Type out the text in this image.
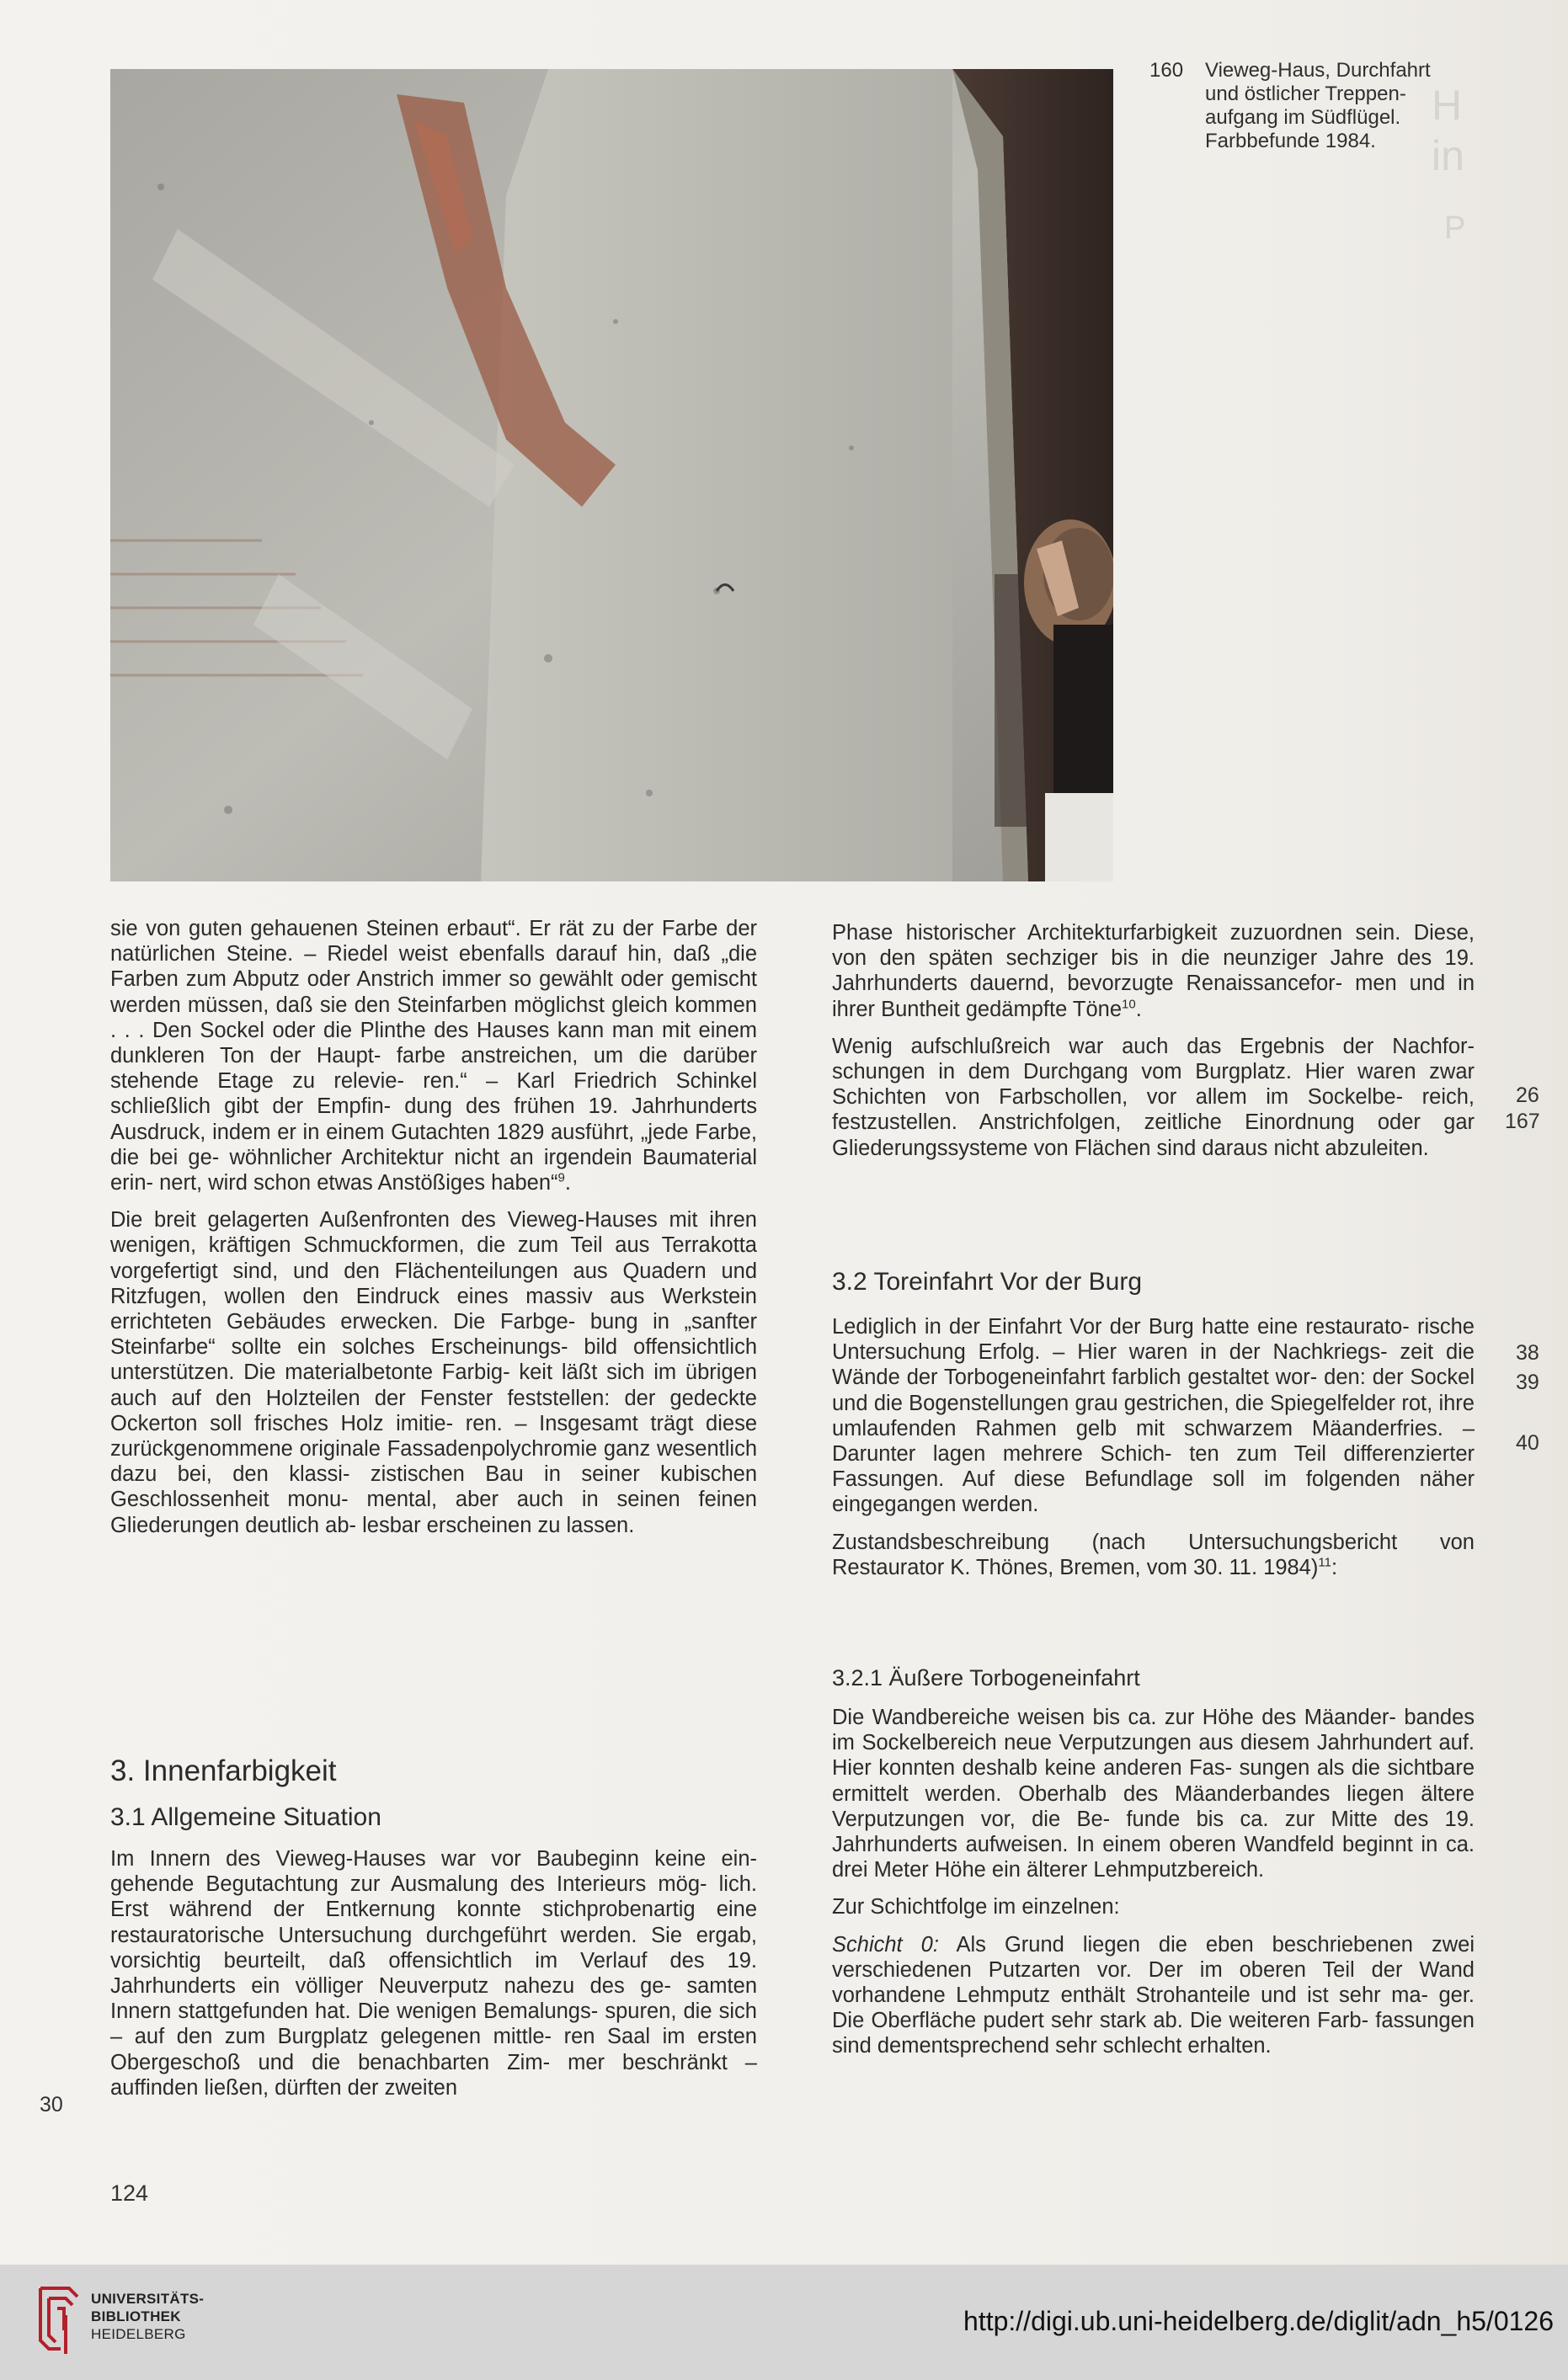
H
in
P
160	Vieweg-Haus, Durchfahrt
und östlicher Treppen-
aufgang im Südflügel.
Farbbefunde 1984.

sie von guten gehauenen Steinen erbaut“. Er rät zu der Farbe der natürlichen Steine. – Riedel weist ebenfalls darauf hin, daß „die Farben zum Abputz oder Anstrich immer so gewählt oder gemischt werden müssen, daß sie den Steinfarben möglichst gleich kommen . . . Den Sockel oder die Plinthe des Hauses kann man mit einem dunkleren Ton der Haupt- farbe anstreichen, um die darüber stehende Etage zu relevie- ren.“ – Karl Friedrich Schinkel schließlich gibt der Empfin- dung des frühen 19. Jahrhunderts Ausdruck, indem er in einem Gutachten 1829 ausführt, „jede Farbe, die bei ge- wöhnlicher Architektur nicht an irgendein Baumaterial erin- nert, wird schon etwas Anstößiges haben“$^9$.

Die breit gelagerten Außenfronten des Vieweg-Hauses mit ihren wenigen, kräftigen Schmuckformen, die zum Teil aus Terrakotta vorgefertigt sind, und den Flächenteilungen aus Quadern und Ritzfugen, wollen den Eindruck eines massiv aus Werkstein errichteten Gebäudes erwecken. Die Farbge- bung in „sanfter Steinfarbe“ sollte ein solches Erscheinungs- bild offensichtlich unterstützen. Die materialbetonte Farbig- keit läßt sich im übrigen auch auf den Holzteilen der Fenster feststellen: der gedeckte Ockerton soll frisches Holz imitie- ren. – Insgesamt trägt diese zurückgenommene originale Fassadenpolychromie ganz wesentlich dazu bei, den klassi- zistischen Bau in seiner kubischen Geschlossenheit monu- mental, aber auch in seinen feinen Gliederungen deutlich ab- lesbar erscheinen zu lassen.

3. Innenfarbigkeit
3.1 Allgemeine Situation

Im Innern des Vieweg-Hauses war vor Baubeginn keine ein- gehende Begutachtung zur Ausmalung des Interieurs mög- lich. Erst während der Entkernung konnte stichprobenartig eine restauratorische Untersuchung durchgeführt werden. Sie ergab, vorsichtig beurteilt, daß offensichtlich im Verlauf des 19. Jahrhunderts ein völliger Neuverputz nahezu des ge- samten Innern stattgefunden hat. Die wenigen Bemalungs- spuren, die sich – auf den zum Burgplatz gelegenen mittle- ren Saal im ersten Obergeschoß und die benachbarten Zim- mer beschränkt – auffinden ließen, dürften der zweiten

Phase historischer Architekturfarbigkeit zuzuordnen sein. Diese, von den späten sechziger bis in die neunziger Jahre des 19. Jahrhunderts dauernd, bevorzugte Renaissancefor- men und in ihrer Buntheit gedämpfte Töne$^{10}$.

Wenig aufschlußreich war auch das Ergebnis der Nachfor- schungen in dem Durchgang vom Burgplatz. Hier waren zwar Schichten von Farbschollen, vor allem im Sockelbe- reich, festzustellen. Anstrichfolgen, zeitliche Einordnung oder gar Gliederungssysteme von Flächen sind daraus nicht abzuleiten.

3.2 Toreinfahrt Vor der Burg

Lediglich in der Einfahrt Vor der Burg hatte eine restaurato- rische Untersuchung Erfolg. – Hier waren in der Nachkriegs- zeit die Wände der Torbogeneinfahrt farblich gestaltet wor- den: der Sockel und die Bogenstellungen grau gestrichen, die Spiegelfelder rot, ihre umlaufenden Rahmen gelb mit schwarzem Mäanderfries. – Darunter lagen mehrere Schich- ten zum Teil differenzierter Fassungen. Auf diese Befundlage soll im folgenden näher eingegangen werden.

Zustandsbeschreibung (nach Untersuchungsbericht von Restaurator K. Thönes, Bremen, vom 30. 11. 1984)$^{11}$:

3.2.1 Äußere Torbogeneinfahrt

Die Wandbereiche weisen bis ca. zur Höhe des Mäander- bandes im Sockelbereich neue Verputzungen aus diesem Jahrhundert auf. Hier konnten deshalb keine anderen Fas- sungen als die sichtbare ermittelt werden. Oberhalb des Mäanderbandes liegen ältere Verputzungen vor, die Be- funde bis ca. zur Mitte des 19. Jahrhunderts aufweisen. In einem oberen Wandfeld beginnt in ca. drei Meter Höhe ein älterer Lehmputzbereich.

Zur Schichtfolge im einzelnen:

Schicht 0: Als Grund liegen die eben beschriebenen zwei verschiedenen Putzarten vor. Der im oberen Teil der Wand vorhandene Lehmputz enthält Strohanteile und ist sehr ma- ger. Die Oberfläche pudert sehr stark ab. Die weiteren Farb- fassungen sind dementsprechend sehr schlecht erhalten.

26
167
38
39
40
30
124
UNIVERSITÄTS-
BIBLIOTHEK
HEIDELBERG	http://digi.ub.uni-heidelberg.de/diglit/adn_h5/0126
